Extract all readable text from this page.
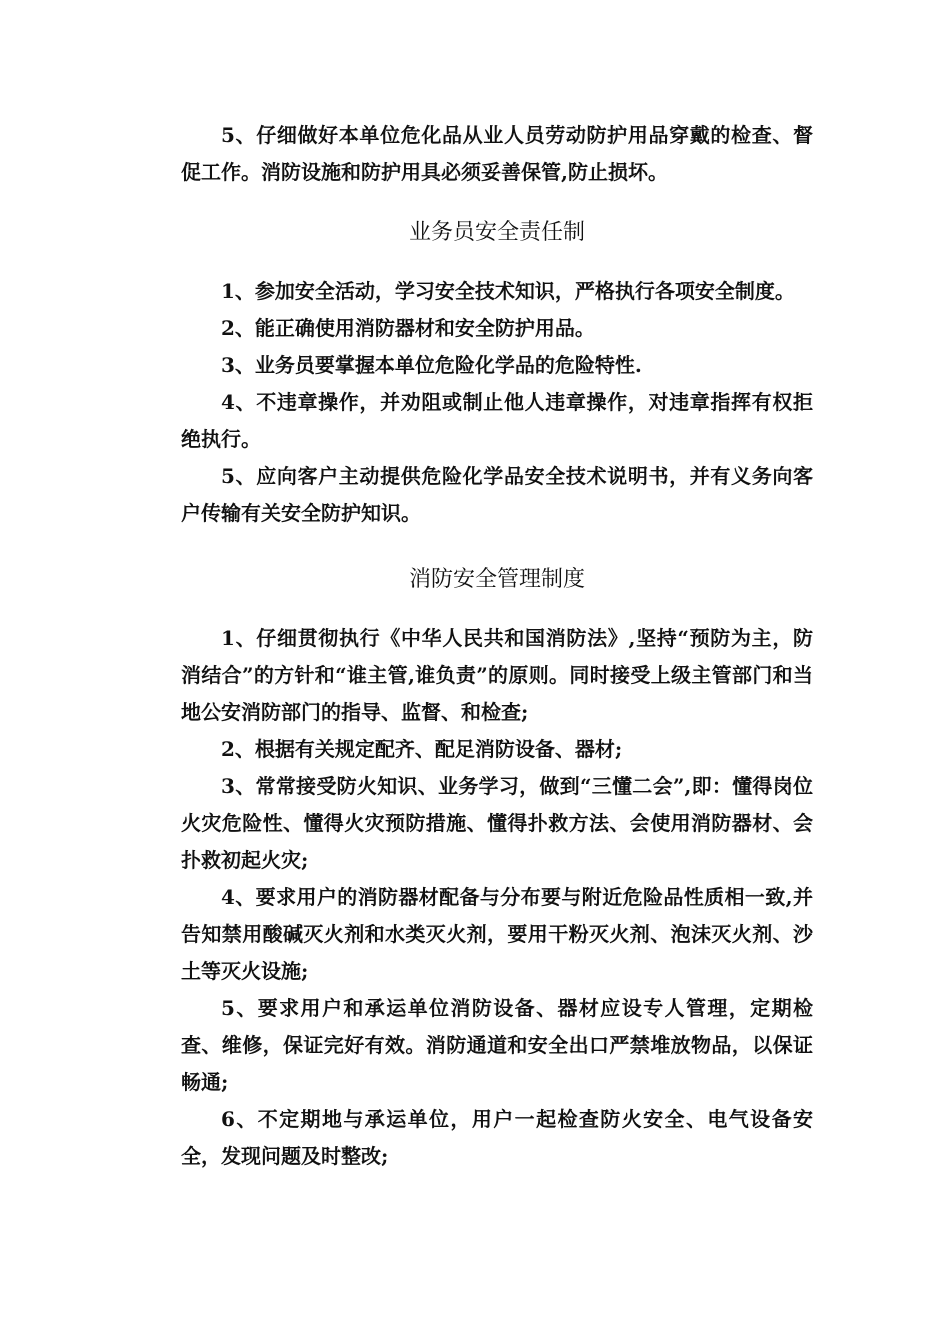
5、仔细做好本单位危化品从业人员劳动防护用品穿戴的检查、督促工作。消防设施和防护用具必须妥善保管,防止损坏。

业务员安全责任制

1、参加安全活动，学习安全技术知识，严格执行各项安全制度。

2、能正确使用消防器材和安全防护用品。

3、业务员要掌握本单位危险化学品的危险特性.

4、不违章操作，并劝阻或制止他人违章操作，对违章指挥有权拒绝执行。

5、应向客户主动提供危险化学品安全技术说明书，并有义务向客户传输有关安全防护知识。

消防安全管理制度

1、仔细贯彻执行《中华人民共和国消防法》,坚持“预防为主，防消结合”的方针和“谁主管,谁负责”的原则。同时接受上级主管部门和当地公安消防部门的指导、监督、和检查;

2、根据有关规定配齐、配足消防设备、器材;

3、常常接受防火知识、业务学习，做到“三懂二会”,即：懂得岗位火灾危险性、懂得火灾预防措施、懂得扑救方法、会使用消防器材、会扑救初起火灾;

4、要求用户的消防器材配备与分布要与附近危险品性质相一致,并告知禁用酸碱灭火剂和水类灭火剂，要用干粉灭火剂、泡沫灭火剂、沙土等灭火设施;

5、要求用户和承运单位消防设备、器材应设专人管理，定期检查、维修，保证完好有效。消防通道和安全出口严禁堆放物品，以保证畅通;

6、不定期地与承运单位，用户一起检查防火安全、电气设备安全，发现问题及时整改;
